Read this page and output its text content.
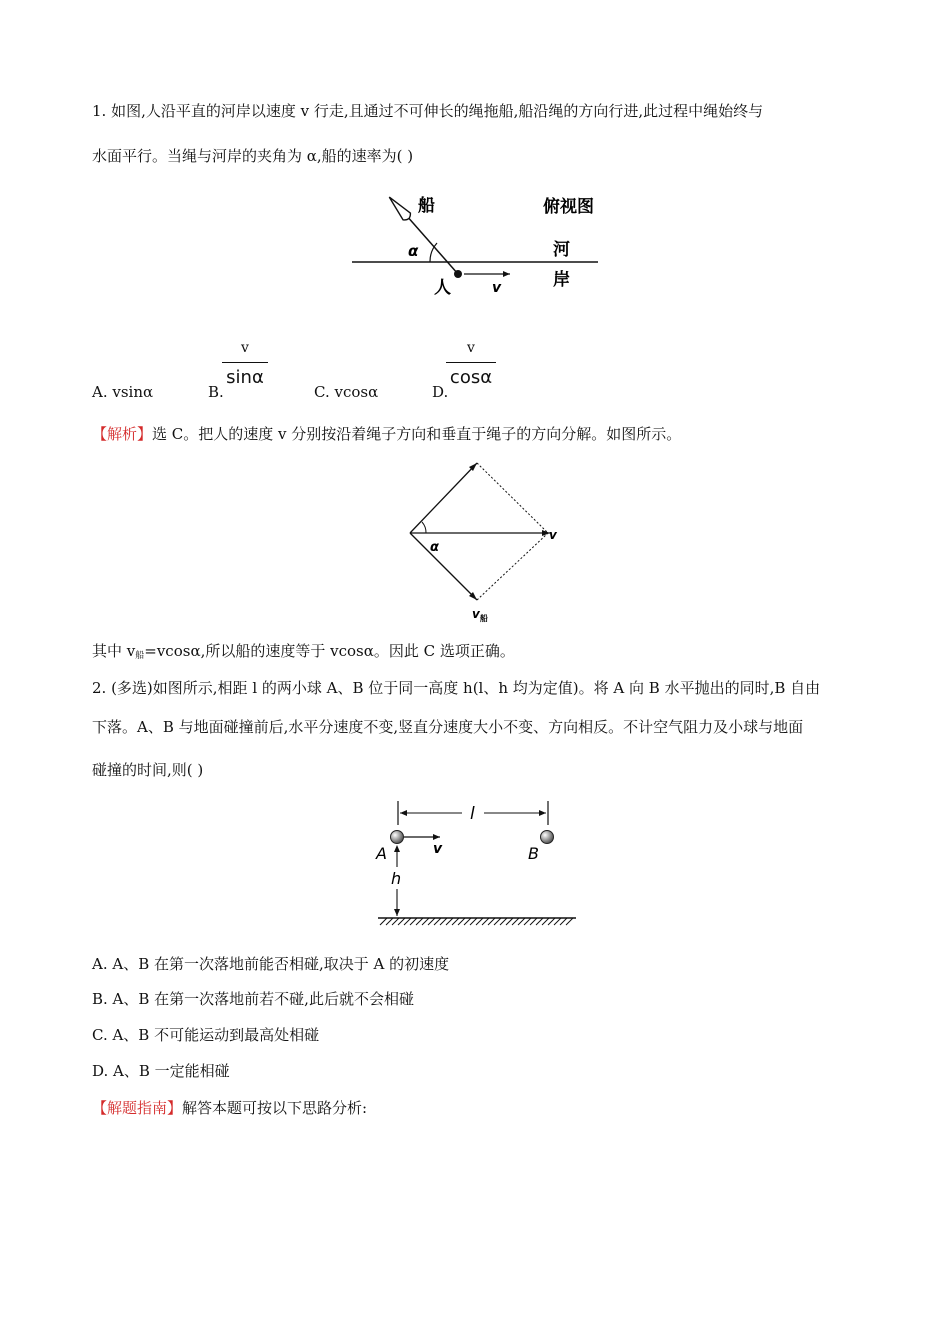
1. 如图,人沿平直的河岸以速度 v 行走,且通过不可伸长的绳拖船,船沿绳的方向行进,此过程中绳始终与
水面平行。当绳与河岸的夹角为 α,船的速率为( )
船	俯视图
河
岸
人	v
α
A. vsinα	B.
v
sinα
C. vcosα	D.
v
cosα
【解析】选 C。把人的速度 v 分别按沿着绳子方向和垂直于绳子的方向分解。如图所示。
α
v
$v_船$
其中 $v_船=vcos\alpha$,所以船的速度等于 vcosα。因此 C 选项正确。
2. (多选)如图所示,相距 l 的两小球 A、B 位于同一高度 h(l、h 均为定值)。将 A 向 B 水平抛出的同时,B 自由
下落。A、B 与地面碰撞前后,水平分速度不变,竖直分速度大小不变、方向相反。不计空气阻力及小球与地面
碰撞的时间,则( )
l
v
A	B
h
A. A、B 在第一次落地前能否相碰,取决于 A 的初速度
B. A、B 在第一次落地前若不碰,此后就不会相碰
C. A、B 不可能运动到最高处相碰
D. A、B 一定能相碰
【解题指南】解答本题可按以下思路分析:
